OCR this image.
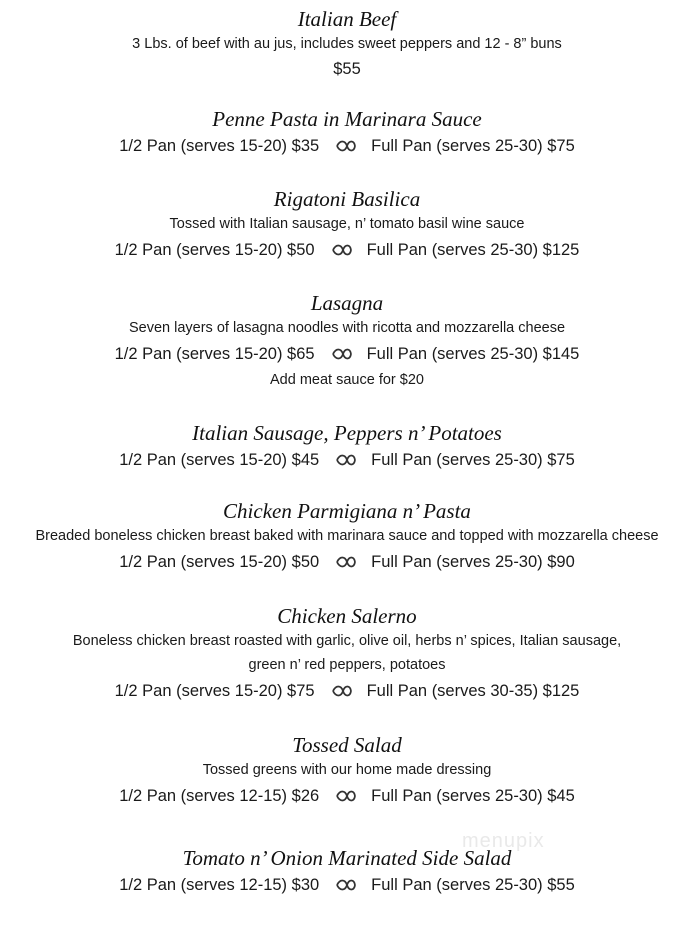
Italian Beef
3 Lbs. of beef with au jus, includes sweet peppers and 12 - 8” buns
$55
Penne Pasta in Marinara Sauce
1/2 Pan (serves 15-20) $35	Full Pan (serves 25-30) $75
Rigatoni Basilica
Tossed with Italian sausage, n’ tomato basil wine sauce
1/2 Pan (serves 15-20) $50	Full Pan (serves 25-30) $125
Lasagna
Seven layers of lasagna noodles with ricotta and mozzarella cheese
1/2 Pan (serves 15-20) $65	Full Pan (serves 25-30) $145
Add meat sauce for $20
Italian Sausage, Peppers n’ Potatoes
1/2 Pan (serves 15-20) $45	Full Pan (serves 25-30) $75
Chicken Parmigiana n’ Pasta
Breaded boneless chicken breast baked with marinara sauce and topped with mozzarella cheese
1/2 Pan (serves 15-20) $50	Full Pan (serves 25-30) $90
Chicken Salerno
Boneless chicken breast roasted with garlic, olive oil, herbs n’ spices, Italian sausage,
green n’ red peppers, potatoes
1/2 Pan (serves 15-20) $75	Full Pan (serves 30-35) $125
Tossed Salad
Tossed greens with our home made dressing
1/2 Pan (serves 12-15) $26	Full Pan (serves 25-30) $45
Tomato n’ Onion Marinated Side Salad
1/2 Pan (serves 12-15) $30	Full Pan (serves 25-30) $55
menupix
